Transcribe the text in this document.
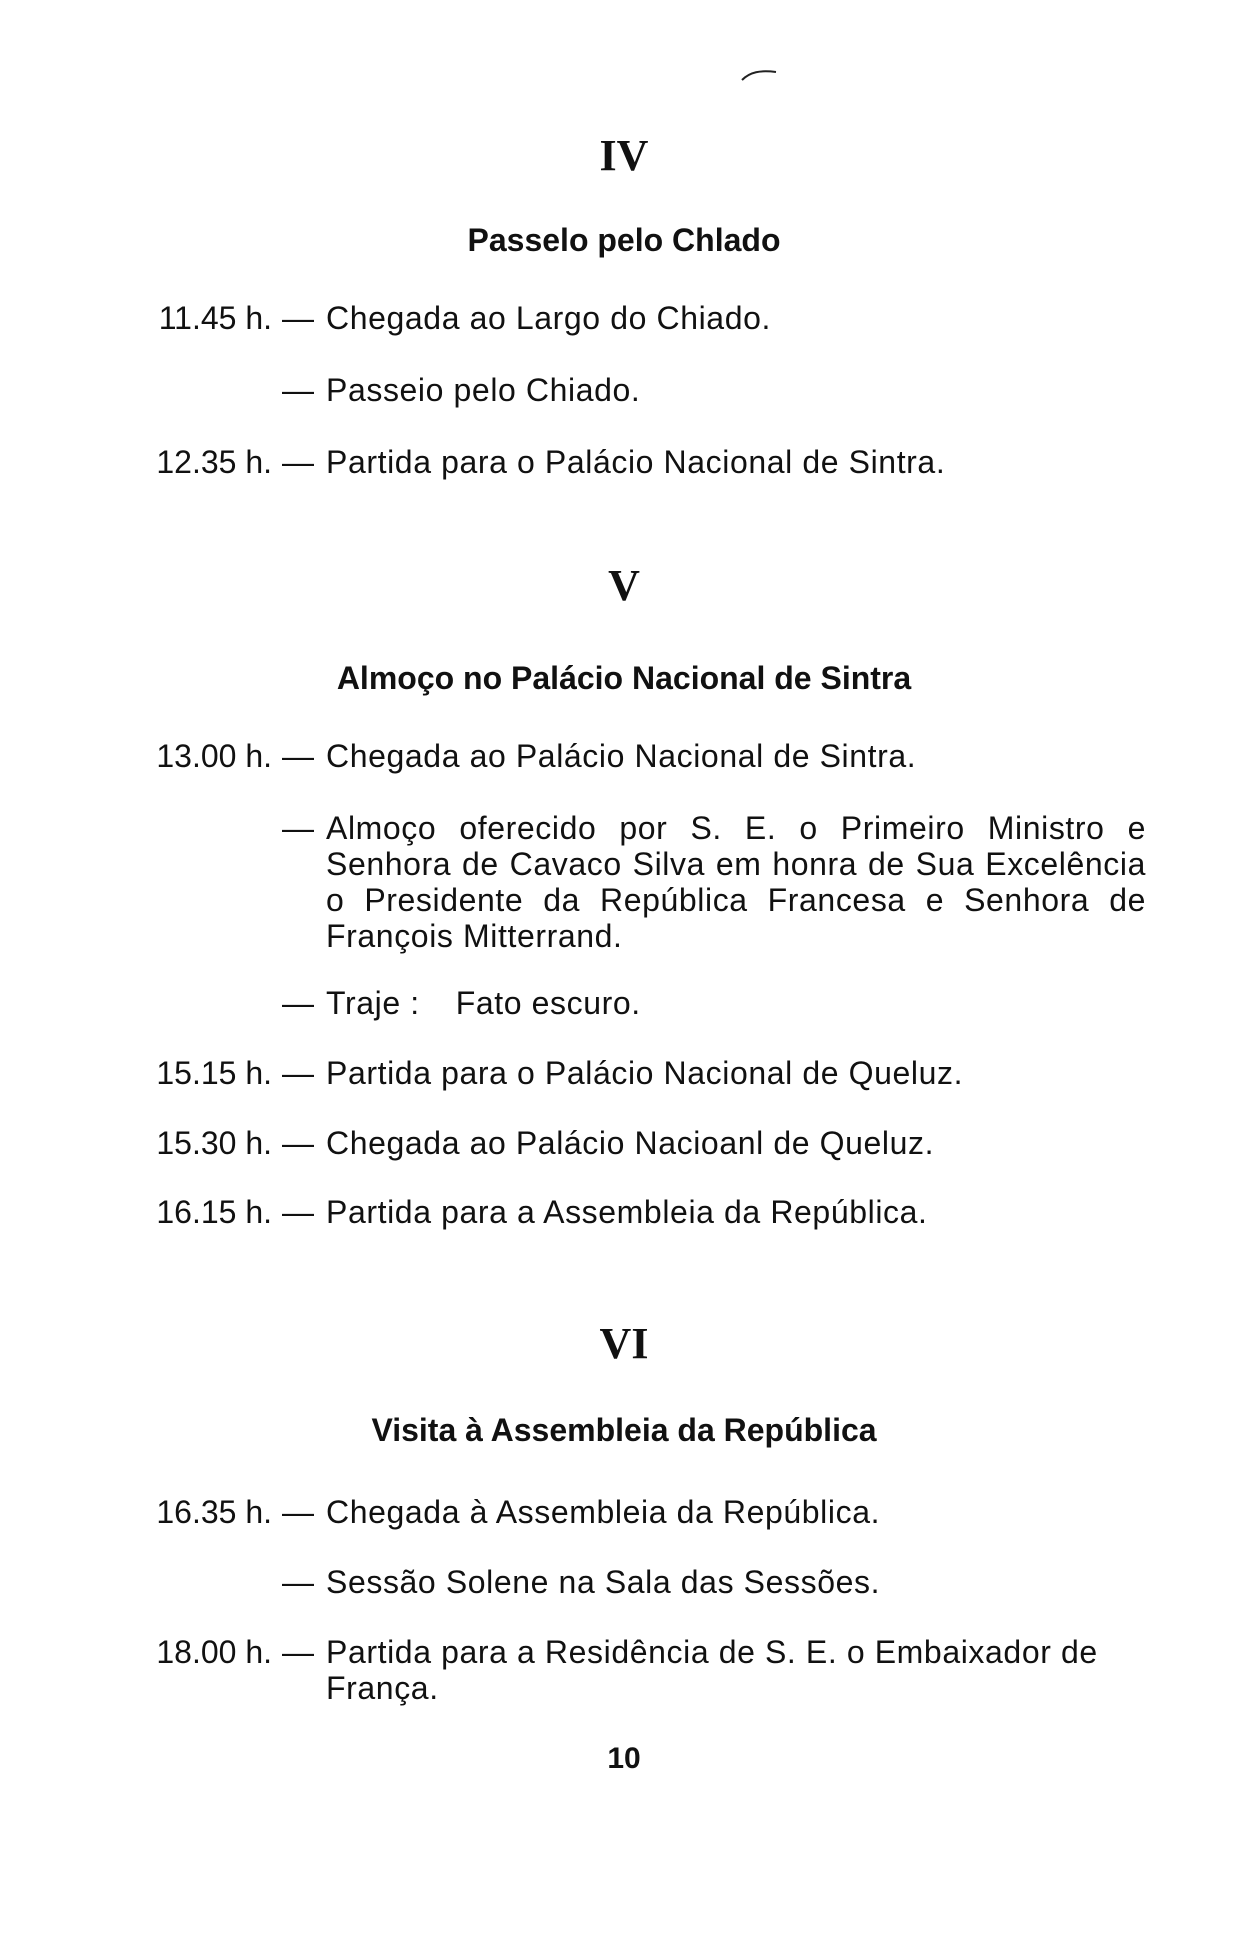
IV
Passelo pelo Chlado
11.45 h. — Chegada ao Largo do Chiado.
— Passeio pelo Chiado.
12.35 h. — Partida para o Palácio Nacional de Sintra.
V
Almoço no Palácio Nacional de Sintra
13.00 h. — Chegada ao Palácio Nacional de Sintra.
— Almoço oferecido por S. E. o Primeiro Ministro e Senhora de Cavaco Silva em honra de Sua Excelência o Presidente da República Francesa e Senhora de François Mitterrand.
— Traje : Fato escuro.
15.15 h. — Partida para o Palácio Nacional de Queluz.
15.30 h. — Chegada ao Palácio Nacioanl de Queluz.
16.15 h. — Partida para a Assembleia da República.
VI
Visita à Assembleia da República
16.35 h. — Chegada à Assembleia da República.
— Sessão Solene na Sala das Sessões.
18.00 h. — Partida para a Residência de S. E. o Embaixador de França.
10
